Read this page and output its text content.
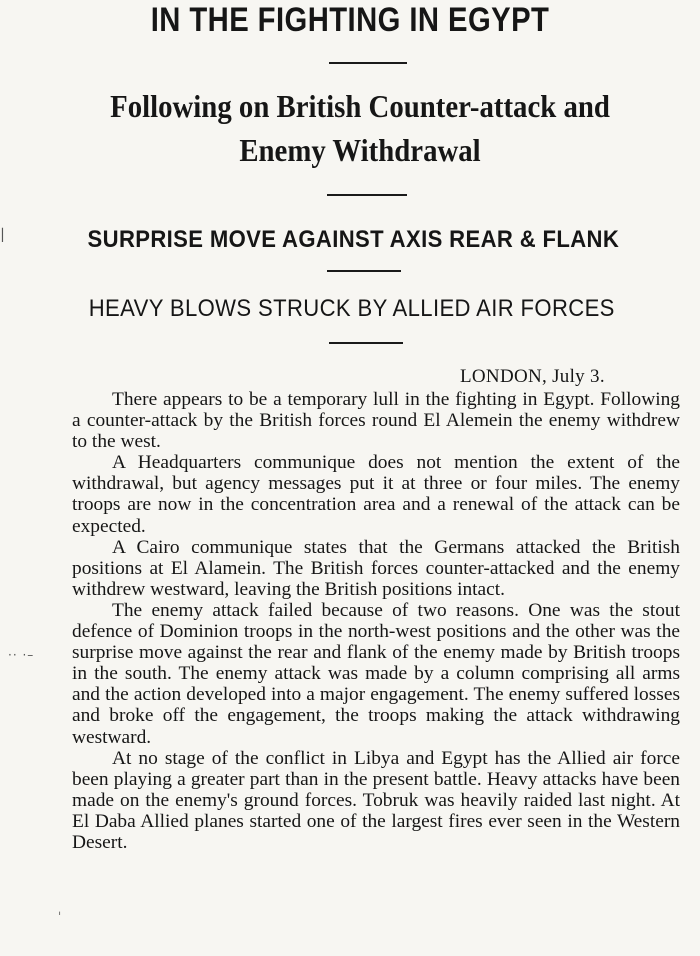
IN THE FIGHTING IN EGYPT
Following on British Counter-attack and Enemy Withdrawal
SURPRISE MOVE AGAINST AXIS REAR & FLANK
HEAVY BLOWS STRUCK BY ALLIED AIR FORCES
LONDON, July 3.

There appears to be a temporary lull in the fighting in Egypt. Following a counter-attack by the British forces round El Alemein the enemy withdrew to the west.

A Headquarters communique does not mention the extent of the withdrawal, but agency messages put it at three or four miles. The enemy troops are now in the concentration area and a renewal of the attack can be expected.

A Cairo communique states that the Germans attacked the British positions at El Alamein. The British forces counter-attacked and the enemy withdrew westward, leaving the British positions intact.

The enemy attack failed because of two reasons. One was the stout defence of Dominion troops in the north-west positions and the other was the surprise move against the rear and flank of the enemy made by British troops in the south. The enemy attack was made by a column comprising all arms and the action developed into a major engagement. The enemy suffered losses and broke off the engagement, the troops making the attack withdrawing westward.

At no stage of the conflict in Libya and Egypt has the Allied air force been playing a greater part than in the present battle. Heavy attacks have been made on the enemy's ground forces. Tobruk was heavily raided last night. At El Daba Allied planes started one of the largest fires ever seen in the Western Desert.

▏
·· ·–
ˈ
